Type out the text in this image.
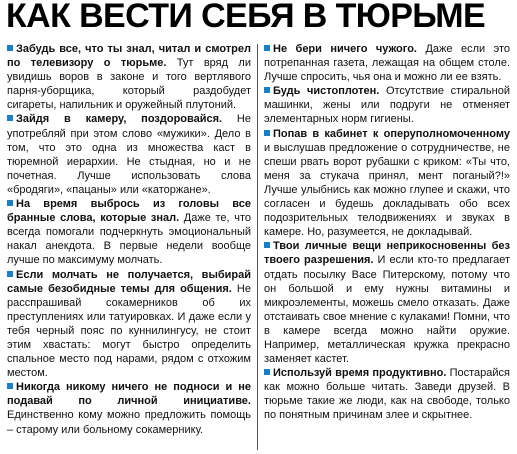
КАК ВЕСТИ СЕБЯ В ТЮРЬМЕ

Забудь все, что ты знал, читал и смотрел по телевизору о тюрьме. Тут вряд ли увидишь воров в законе и того вертлявого парня-уборщика, который раздобудет сигареты, напильник и оружейный плутоний.

Зайдя в камеру, поздоровайся. Не употребляй при этом слово «мужики». Дело в том, что это одна из множества каст в тюремной иерархии. Не стыдная, но и не почетная. Лучше использовать слова «бродяги», «пацаны» или «каторжане».

На время выбрось из головы все бранные слова, которые знал. Даже те, что всегда помогали подчеркнуть эмоциональный накал анекдота. В первые недели вообще лучше по максимуму молчать.

Если молчать не получается, выбирай самые безобидные темы для общения. Не расспрашивай сокамерников об их преступлениях или татуировках. И даже если у тебя черный пояс по куннилингусу, не стоит этим хвастать: могут быстро определить спальное место под нарами, рядом с отхожим местом.

Никогда никому ничего не подноси и не подавай по личной инициативе. Единственно кому можно предложить помощь – старому или больному сокамернику.

Не бери ничего чужого. Даже если это потрепанная газета, лежащая на общем столе. Лучше спросить, чья она и можно ли ее взять.

Будь чистоплотен. Отсутствие стиральной машинки, жены или подруги не отменяет элементарных норм гигиены.

Попав в кабинет к оперуполномоченному и выслушав предложение о сотрудничестве, не спеши рвать ворот рубашки с криком: «Ты что, меня за стукача принял, мент поганый?!» Лучше улыбнись как можно глупее и скажи, что согласен и будешь докладывать обо всех подозрительных телодвижениях и звуках в камере. Но, разумеется, не докладывай.

Твои личные вещи неприкосновенны без твоего разрешения. И если кто-то предлагает отдать посылку Васе Питерскому, потому что он большой и ему нужны витамины и микроэлементы, можешь смело отказать. Даже отстаивать свое мнение с кулаками! Помни, что в камере всегда можно найти оружие. Например, металлическая кружка прекрасно заменяет кастет.

Используй время продуктивно. Постарайся как можно больше читать. Заведи друзей. В тюрьме такие же люди, как на свободе, только по понятным причинам злее и скрытнее.
